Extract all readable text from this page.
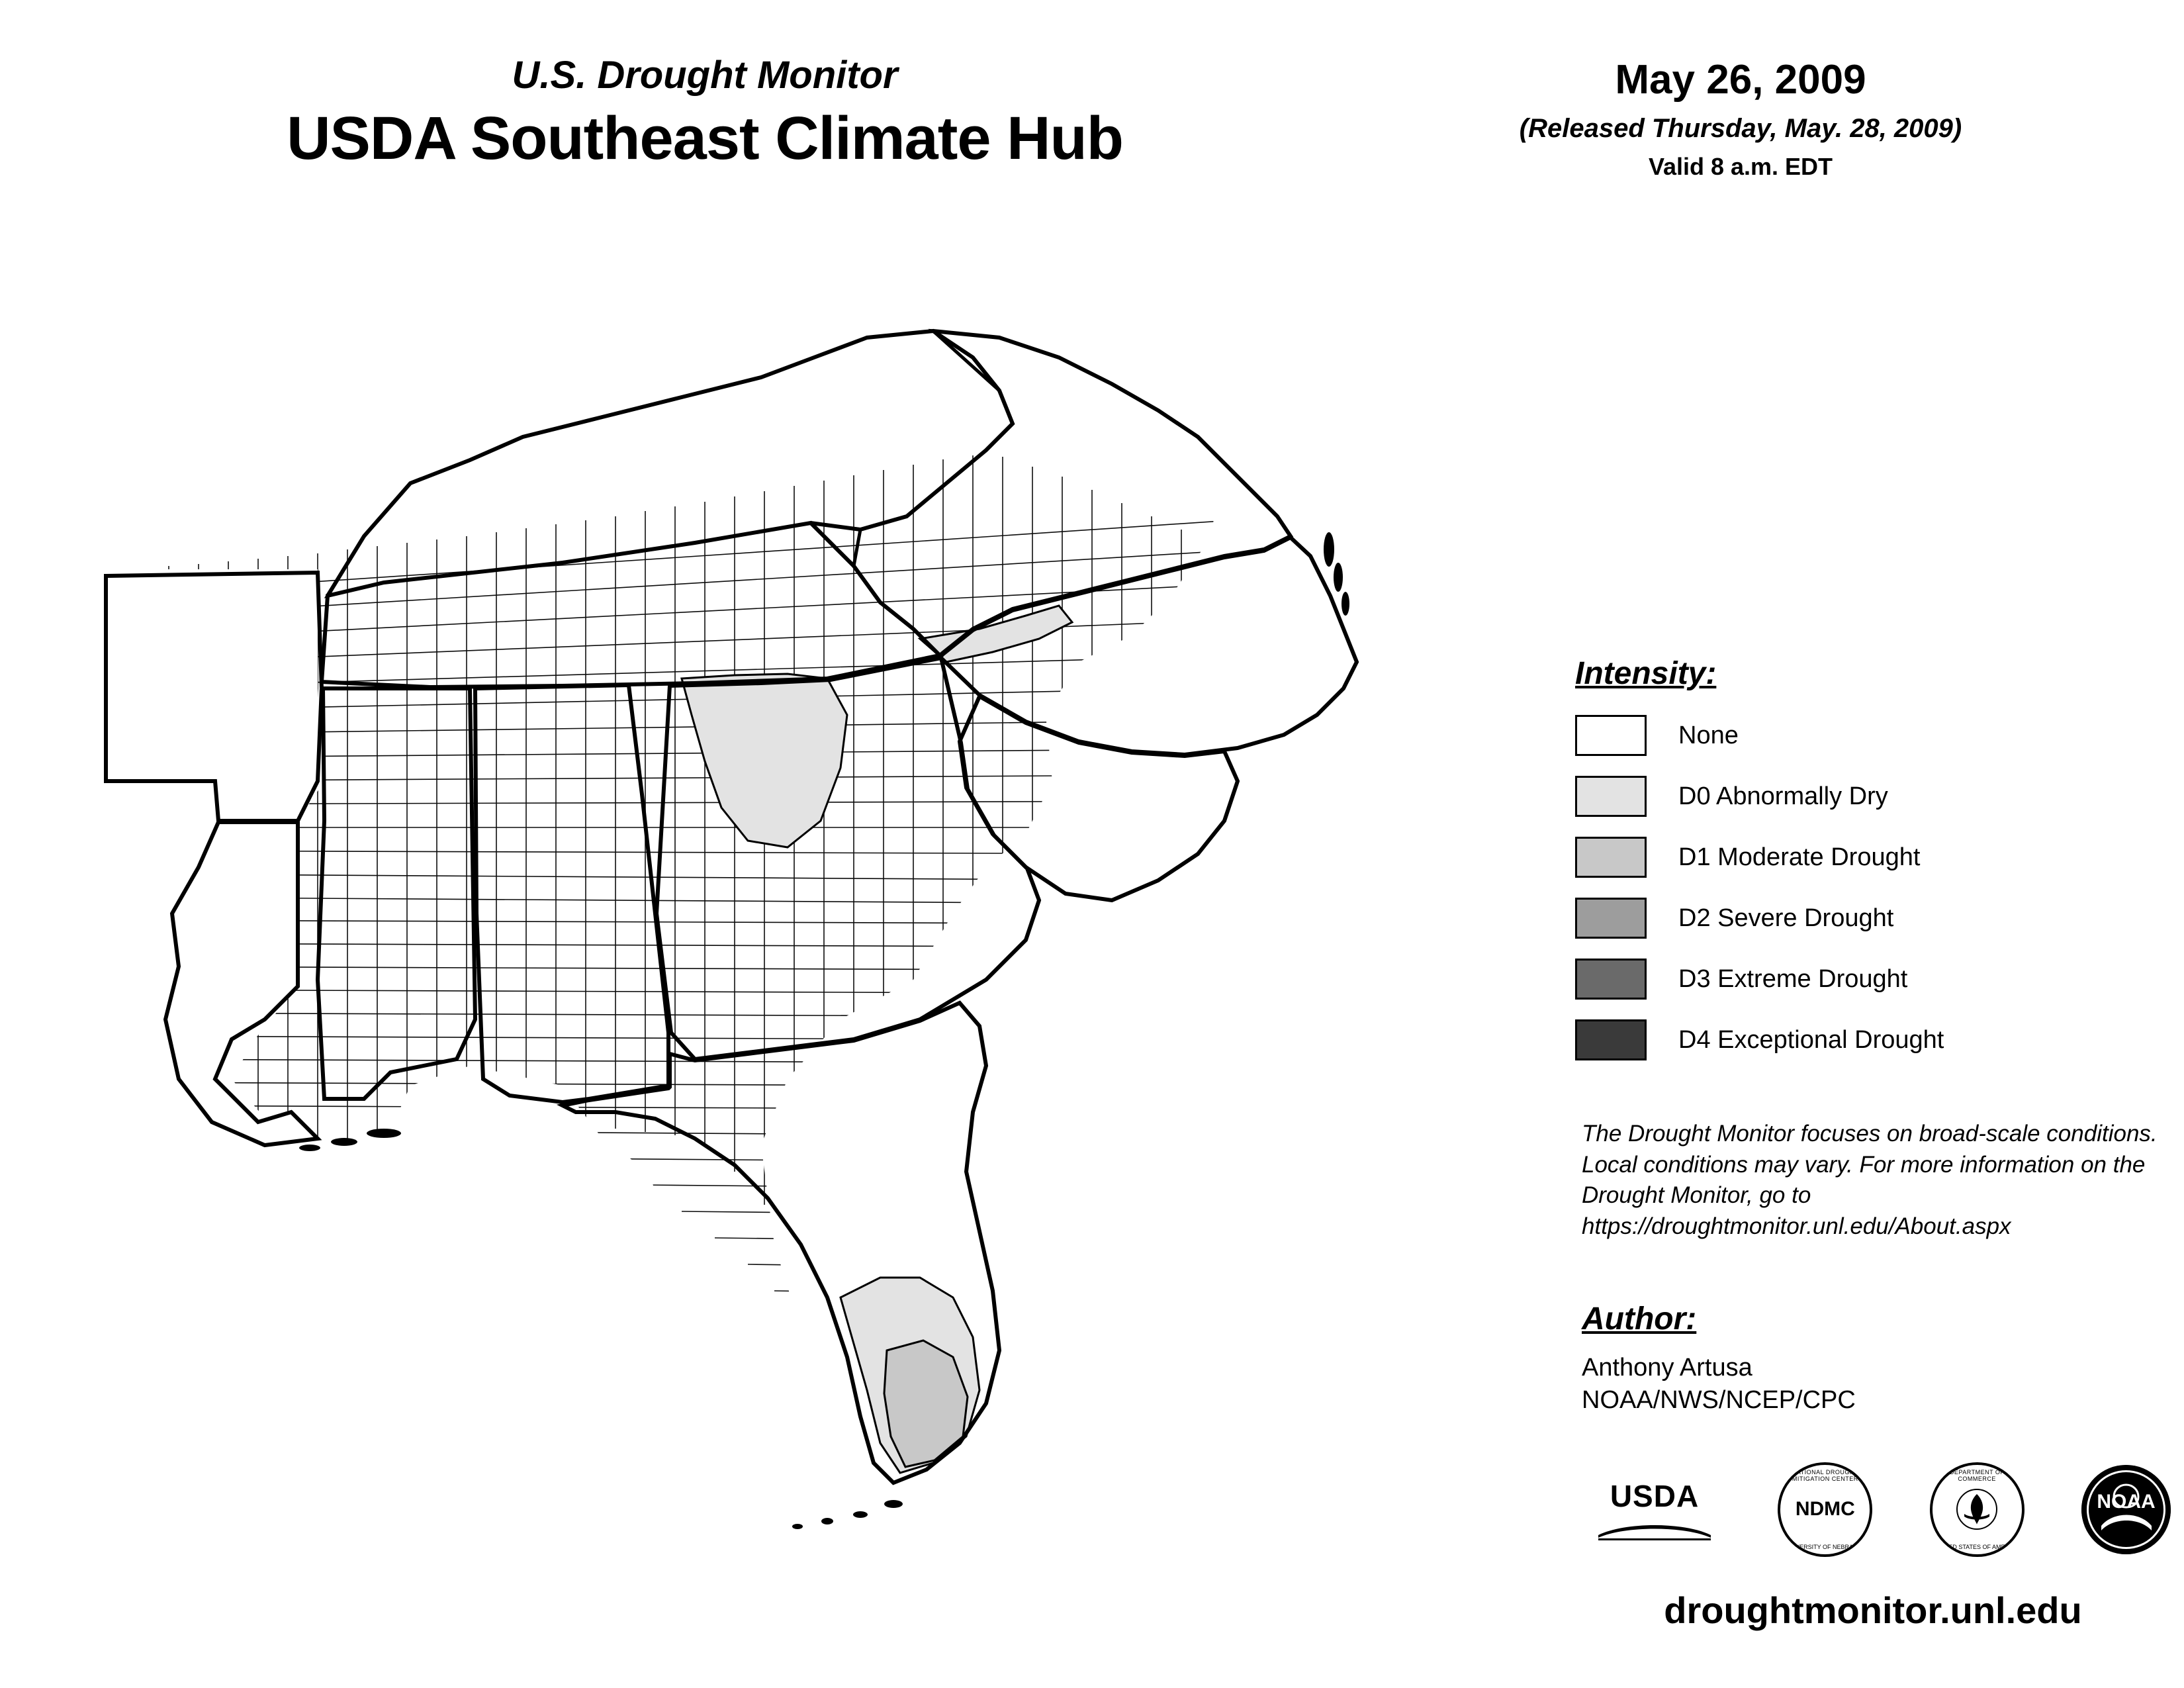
U.S. Drought Monitor
USDA Southeast Climate Hub
May 26, 2009
(Released Thursday, May. 28, 2009)
Valid 8 a.m. EDT
Intensity:
None
D0 Abnormally Dry
D1 Moderate Drought
D2 Severe Drought
D3 Extreme Drought
D4 Exceptional Drought
The Drought Monitor focuses on broad-scale conditions. Local conditions may vary. For more information on the Drought Monitor, go to https://droughtmonitor.unl.edu/About.aspx
Author:
Anthony Artusa
NOAA/NWS/NCEP/CPC
USDA
NATIONAL DROUGHT MITIGATION CENTER
NDMC
UNIVERSITY OF NEBRASKA
DEPARTMENT OF COMMERCE
UNITED STATES OF AMERICA
NOAA
droughtmonitor.unl.edu
